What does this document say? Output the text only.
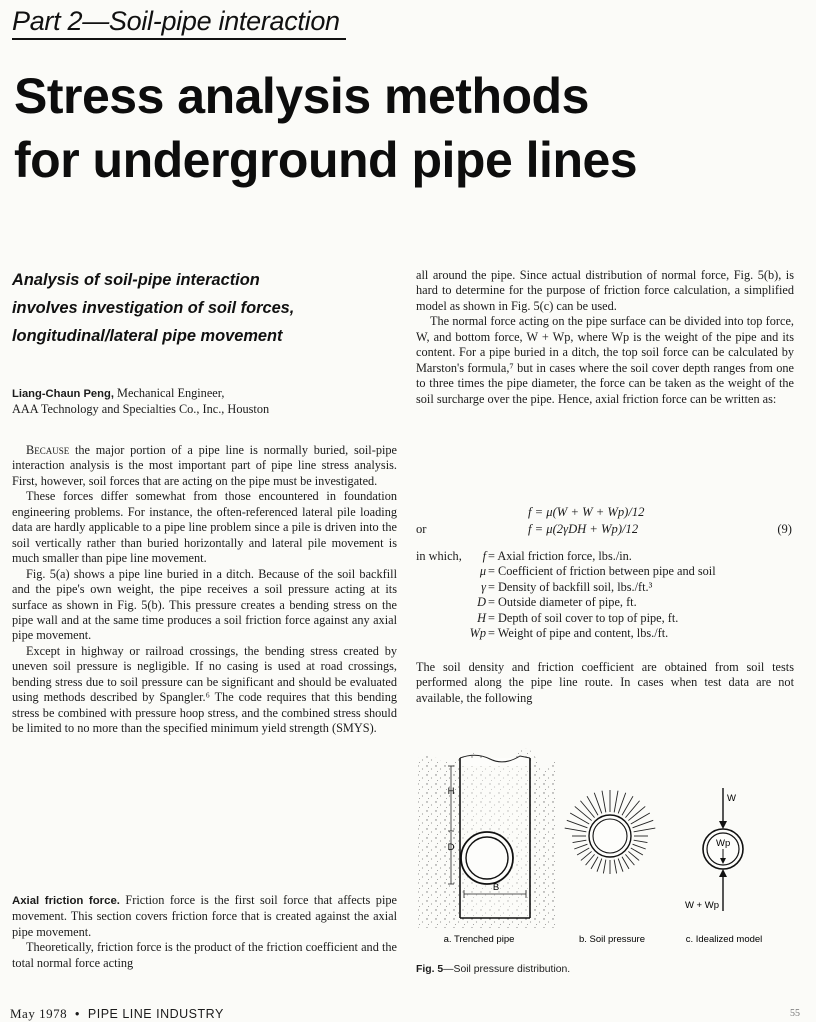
Part 2—Soil-pipe interaction
Stress analysis methods
for underground pipe lines
Analysis of soil-pipe interaction
involves investigation of soil forces,
longitudinal/lateral pipe movement

Liang-Chaun Peng, Mechanical Engineer,

AAA Technology and Specialties Co., Inc., Houston

Because the major portion of a pipe line is normally buried, soil-pipe interaction analysis is the most important part of pipe line stress analysis. First, however, soil forces that are acting on the pipe must be investigated.

These forces differ somewhat from those encountered in foundation engineering problems. For instance, the often-referenced lateral pile loading data are hardly applicable to a pipe line problem since a pile is driven into the soil vertically rather than buried horizontally and lateral pile movement is much smaller than pipe line movement.

Fig. 5(a) shows a pipe line buried in a ditch. Because of the soil backfill and the pipe's own weight, the pipe receives a soil pressure acting at its surface as shown in Fig. 5(b). This pressure creates a bending stress on the pipe wall and at the same time produces a soil friction force against any axial pipe movement.

Except in highway or railroad crossings, the bending stress created by uneven soil pressure is negligible. If no casing is used at road crossings, bending stress due to soil pressure can be significant and should be evaluated using methods described by Spangler.⁶ The code requires that this bending stress be combined with pressure hoop stress, and the combined stress should be limited to no more than the specified minimum yield strength (SMYS).

Axial friction force. Friction force is the first soil force that affects pipe movement. This section covers friction force that is created against the axial pipe movement.

Theoretically, friction force is the product of the friction coefficient and the total normal force acting

all around the pipe. Since actual distribution of normal force, Fig. 5(b), is hard to determine for the purpose of friction force calculation, a simplified model as shown in Fig. 5(c) can be used.

The normal force acting on the pipe surface can be divided into top force, W, and bottom force, W + Wp, where Wp is the weight of the pipe and its content. For a pipe buried in a ditch, the top soil force can be calculated by Marston's formula,⁷ but in cases where the soil cover depth ranges from one to three times the pipe diameter, the force can be taken as the weight of the soil surcharge over the pipe. Hence, axial friction force can be written as:

f = μ(W + W + Wp)/12
or	f = μ(2γDH + Wp)/12	(9)
in which, f = Axial friction force, lbs./in.
μ = Coefficient of friction between pipe and soil
γ = Density of backfill soil, lbs./ft.³
D = Outside diameter of pipe, ft.
H = Depth of soil cover to top of pipe, ft.
Wp = Weight of pipe and content, lbs./ft.

The soil density and friction coefficient are obtained from soil tests performed along the pipe line route. In cases when test data are not available, the following

H
D
B
W
Wp
W + Wp
a. Trenched pipe	b. Soil pressure	c. Idealized model
Fig. 5—Soil pressure distribution.
May 1978 • PIPE LINE INDUSTRY	55
